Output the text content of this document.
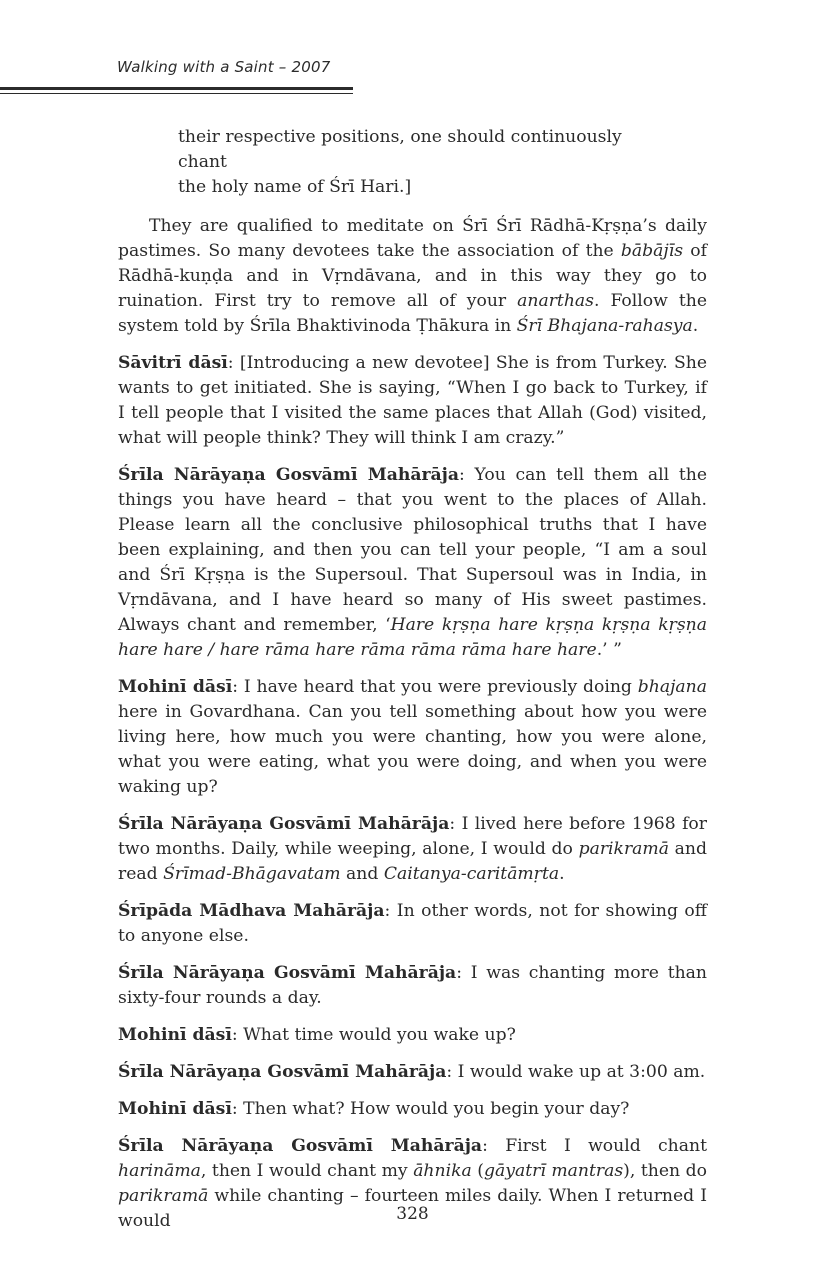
Walking with a Saint – 2007

their respective positions, one should continuously chant

the holy name of Śrī Hari.]

They are qualified to meditate on Śrī Śrī Rādhā-Kṛṣṇa’s daily pastimes. So many devotees take the association of the bābājīs of Rādhā-kuṇḍa and in Vṛndāvana, and in this way they go to ruination. First try to remove all of your anarthas. Follow the system told by Śrīla Bhaktivinoda Ṭhākura in Śrī Bhajana-rahasya.

Sāvitrī dāsī: [Introducing a new devotee] She is from Turkey. She wants to get initiated. She is saying, “When I go back to Turkey, if I tell people that I visited the same places that Allah (God) visited, what will people think? They will think I am crazy.”

Śrīla Nārāyaṇa Gosvāmī Mahārāja: You can tell them all the things you have heard – that you went to the places of Allah. Please learn all the conclusive philosophical truths that I have been explaining, and then you can tell your people, “I am a soul and Śrī Kṛṣṇa is the Supersoul. That Supersoul was in India, in Vṛndāvana, and I have heard so many of His sweet pastimes. Always chant and remember, ‘Hare kṛṣṇa hare kṛṣṇa kṛṣṇa kṛṣṇa hare hare / hare rāma hare rāma rāma rāma hare hare.’ ”

Mohinī dāsī: I have heard that you were previously doing bhajana here in Govardhana. Can you tell something about how you were living here, how much you were chanting, how you were alone, what you were eating, what you were doing, and when you were waking up?

Śrīla Nārāyaṇa Gosvāmī Mahārāja: I lived here before 1968 for two months. Daily, while weeping, alone, I would do parikramā and read Śrīmad-Bhāgavatam and Caitanya-caritāmṛta.

Śrīpāda Mādhava Mahārāja: In other words, not for showing off to anyone else.

Śrīla Nārāyaṇa Gosvāmī Mahārāja: I was chanting more than sixty-four rounds a day.

Mohinī dāsī: What time would you wake up?

Śrīla Nārāyaṇa Gosvāmī Mahārāja: I would wake up at 3:00 am.

Mohinī dāsī: Then what? How would you begin your day?

Śrīla Nārāyaṇa Gosvāmī Mahārāja: First I would chant harināma, then I would chant my āhnika (gāyatrī mantras), then do parikramā while chanting – fourteen miles daily. When I returned I would	328
